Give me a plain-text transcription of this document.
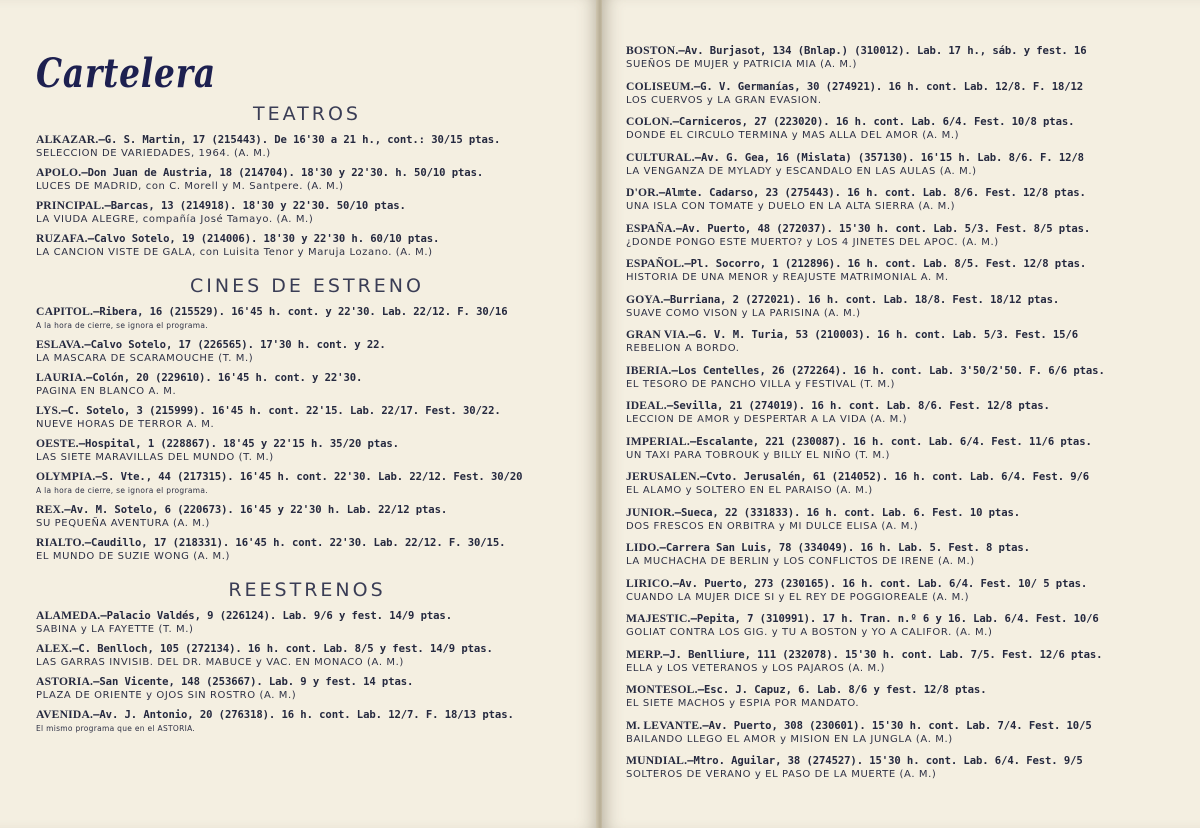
Cartelera
TEATROS
ALKAZAR.—G. S. Martin, 17 (215443). De 16'30 a 21 h., cont.: 30/15 ptas.
SELECCION DE VARIEDADES, 1964. (A. M.)
APOLO.—Don Juan de Austria, 18 (214704). 18'30 y 22'30. h. 50/10 ptas.
LUCES DE MADRID, con C. Morell y M. Santpere. (A. M.)
PRINCIPAL.—Barcas, 13 (214918). 18'30 y 22'30. 50/10 ptas.
LA VIUDA ALEGRE, compañía José Tamayo. (A. M.)
RUZAFA.—Calvo Sotelo, 19 (214006). 18'30 y 22'30 h. 60/10 ptas.
LA CANCION VISTE DE GALA, con Luisita Tenor y Maruja Lozano. (A. M.)
CINES DE ESTRENO
CAPITOL.—Ribera, 16 (215529). 16'45 h. cont. y 22'30. Lab. 22/12. F. 30/16
A la hora de cierre, se ignora el programa.
ESLAVA.—Calvo Sotelo, 17 (226565). 17'30 h. cont. y 22.
LA MASCARA DE SCARAMOUCHE (T. M.)
LAURIA.—Colón, 20 (229610). 16'45 h. cont. y 22'30.
PAGINA EN BLANCO A. M.
LYS.—C. Sotelo, 3 (215999). 16'45 h. cont. 22'15. Lab. 22/17. Fest. 30/22.
NUEVE HORAS DE TERROR A. M.
OESTE.—Hospital, 1 (228867). 18'45 y 22'15 h. 35/20 ptas.
LAS SIETE MARAVILLAS DEL MUNDO (T. M.)
OLYMPIA.—S. Vte., 44 (217315). 16'45 h. cont. 22'30. Lab. 22/12. Fest. 30/20
A la hora de cierre, se ignora el programa.
REX.—Av. M. Sotelo, 6 (220673). 16'45 y 22'30 h. Lab. 22/12 ptas.
SU PEQUEÑA AVENTURA (A. M.)
RIALTO.—Caudillo, 17 (218331). 16'45 h. cont. 22'30. Lab. 22/12. F. 30/15.
EL MUNDO DE SUZIE WONG (A. M.)
REESTRENOS
ALAMEDA.—Palacio Valdés, 9 (226124). Lab. 9/6 y fest. 14/9 ptas.
SABINA y LA FAYETTE (T. M.)
ALEX.—C. Benlloch, 105 (272134). 16 h. cont. Lab. 8/5 y fest. 14/9 ptas.
LAS GARRAS INVISIB. DEL DR. MABUCE y VAC. EN MONACO (A. M.)
ASTORIA.—San Vicente, 148 (253667). Lab. 9 y fest. 14 ptas.
PLAZA DE ORIENTE y OJOS SIN ROSTRO (A. M.)
AVENIDA.—Av. J. Antonio, 20 (276318). 16 h. cont. Lab. 12/7. F. 18/13 ptas.
El mismo programa que en el ASTORIA.
BOSTON.—Av. Burjasot, 134 (Bnlap.) (310012). Lab. 17 h., sáb. y fest. 16
SUEÑOS DE MUJER y PATRICIA MIA (A. M.)
COLISEUM.—G. V. Germanías, 30 (274921). 16 h. cont. Lab. 12/8. F. 18/12
LOS CUERVOS y LA GRAN EVASION.
COLON.—Carniceros, 27 (223020). 16 h. cont. Lab. 6/4. Fest. 10/8 ptas.
DONDE EL CIRCULO TERMINA y MAS ALLA DEL AMOR (A. M.)
CULTURAL.—Av. G. Gea, 16 (Mislata) (357130). 16'15 h. Lab. 8/6. F. 12/8
LA VENGANZA DE MYLADY y ESCANDALO EN LAS AULAS (A. M.)
D'OR.—Almte. Cadarso, 23 (275443). 16 h. cont. Lab. 8/6. Fest. 12/8 ptas.
UNA ISLA CON TOMATE y DUELO EN LA ALTA SIERRA (A. M.)
ESPAÑA.—Av. Puerto, 48 (272037). 15'30 h. cont. Lab. 5/3. Fest. 8/5 ptas.
¿DONDE PONGO ESTE MUERTO? y LOS 4 JINETES DEL APOC. (A. M.)
ESPAÑOL.—Pl. Socorro, 1 (212896). 16 h. cont. Lab. 8/5. Fest. 12/8 ptas.
HISTORIA DE UNA MENOR y REAJUSTE MATRIMONIAL A. M.
GOYA.—Burriana, 2 (272021). 16 h. cont. Lab. 18/8. Fest. 18/12 ptas.
SUAVE COMO VISON y LA PARISINA (A. M.)
GRAN VIA.—G. V. M. Turia, 53 (210003). 16 h. cont. Lab. 5/3. Fest. 15/6
REBELION A BORDO.
IBERIA.—Los Centelles, 26 (272264). 16 h. cont. Lab. 3'50/2'50. F. 6/6 ptas.
EL TESORO DE PANCHO VILLA y FESTIVAL (T. M.)
IDEAL.—Sevilla, 21 (274019). 16 h. cont. Lab. 8/6. Fest. 12/8 ptas.
LECCION DE AMOR y DESPERTAR A LA VIDA (A. M.)
IMPERIAL.—Escalante, 221 (230087). 16 h. cont. Lab. 6/4. Fest. 11/6 ptas.
UN TAXI PARA TOBROUK y BILLY EL NIÑO (T. M.)
JERUSALEN.—Cvto. Jerusalén, 61 (214052). 16 h. cont. Lab. 6/4. Fest. 9/6
EL ALAMO y SOLTERO EN EL PARAISO (A. M.)
JUNIOR.—Sueca, 22 (331833). 16 h. cont. Lab. 6. Fest. 10 ptas.
DOS FRESCOS EN ORBITRA y MI DULCE ELISA (A. M.)
LIDO.—Carrera San Luis, 78 (334049). 16 h. Lab. 5. Fest. 8 ptas.
LA MUCHACHA DE BERLIN y LOS CONFLICTOS DE IRENE (A. M.)
LIRICO.—Av. Puerto, 273 (230165). 16 h. cont. Lab. 6/4. Fest. 10/ 5 ptas.
CUANDO LA MUJER DICE SI y EL REY DE POGGIOREALE (A. M.)
MAJESTIC.—Pepita, 7 (310991). 17 h. Tran. n.º 6 y 16. Lab. 6/4. Fest. 10/6
GOLIAT CONTRA LOS GIG. y TU A BOSTON y YO A CALIFOR. (A. M.)
MERP.—J. Benlliure, 111 (232078). 15'30 h. cont. Lab. 7/5. Fest. 12/6 ptas.
ELLA y LOS VETERANOS y LOS PAJAROS (A. M.)
MONTESOL.—Esc. J. Capuz, 6. Lab. 8/6 y fest. 12/8 ptas.
EL SIETE MACHOS y ESPIA POR MANDATO.
M. LEVANTE.—Av. Puerto, 308 (230601). 15'30 h. cont. Lab. 7/4. Fest. 10/5
BAILANDO LLEGO EL AMOR y MISION EN LA JUNGLA (A. M.)
MUNDIAL.—Mtro. Aguilar, 38 (274527). 15'30 h. cont. Lab. 6/4. Fest. 9/5
SOLTEROS DE VERANO y EL PASO DE LA MUERTE (A. M.)
